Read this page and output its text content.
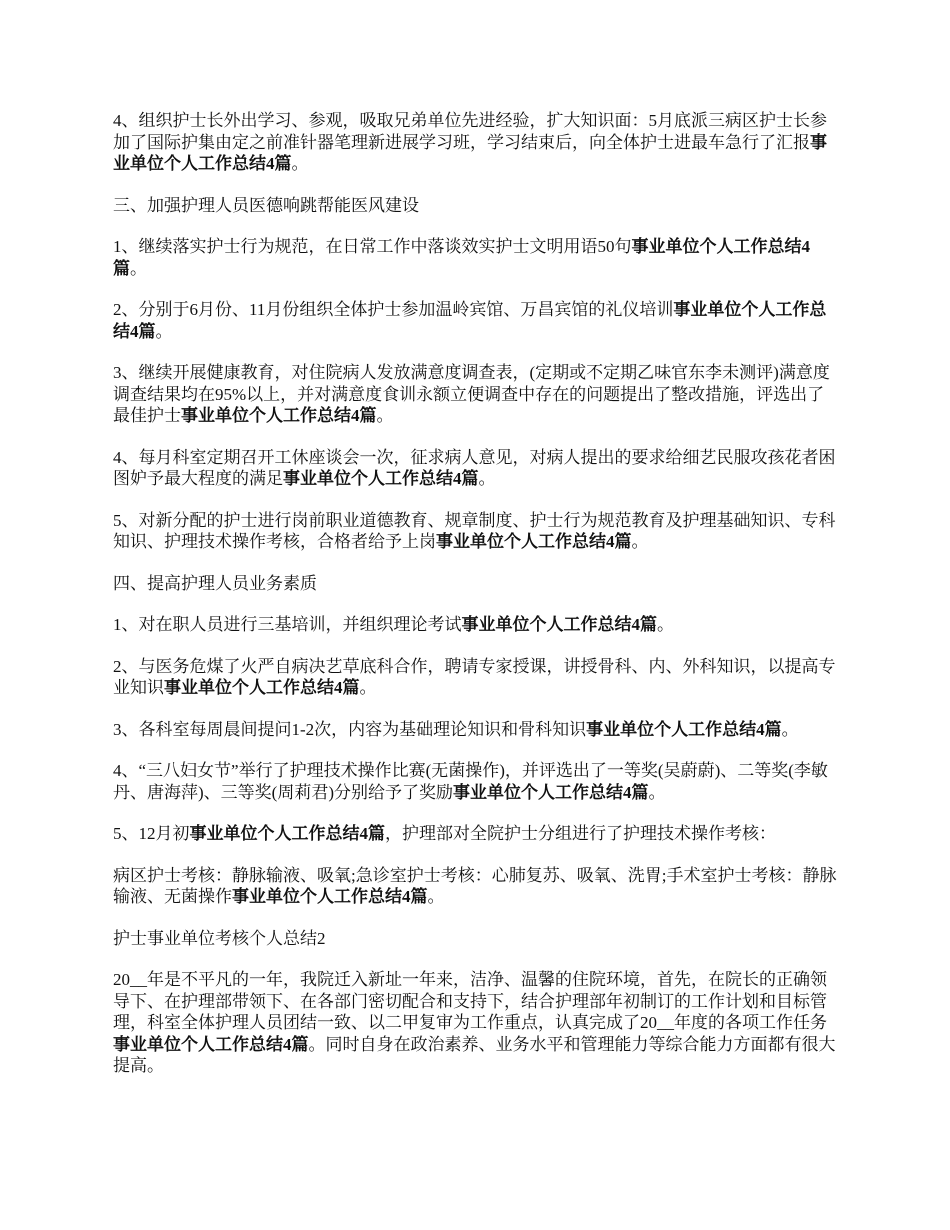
4、组织护士长外出学习、参观，吸取兄弟单位先进经验，扩大知识面：5月底派三病区护士长参加了国际护集由定之前准针器笔理新进展学习班，学习结束后，向全体护士进最车急行了汇报事业单位个人工作总结4篇。

三、加强护理人员医德响跳帮能医风建设

1、继续落实护士行为规范，在日常工作中落谈效实护士文明用语50句事业单位个人工作总结4篇。

2、分别于6月份、11月份组织全体护士参加温岭宾馆、万昌宾馆的礼仪培训事业单位个人工作总结4篇。

3、继续开展健康教育，对住院病人发放满意度调查表，(定期或不定期乙味官东李未测评)满意度调查结果均在95%以上，并对满意度食训永额立便调查中存在的问题提出了整改措施，评选出了最佳护士事业单位个人工作总结4篇。

4、每月科室定期召开工休座谈会一次，征求病人意见，对病人提出的要求给细艺民服攻孩花者困图妒予最大程度的满足事业单位个人工作总结4篇。

5、对新分配的护士进行岗前职业道德教育、规章制度、护士行为规范教育及护理基础知识、专科知识、护理技术操作考核，合格者给予上岗事业单位个人工作总结4篇。

四、提高护理人员业务素质

1、对在职人员进行三基培训，并组织理论考试事业单位个人工作总结4篇。

2、与医务危煤了火严自病决艺草底科合作，聘请专家授课，讲授骨科、内、外科知识，以提高专业知识事业单位个人工作总结4篇。

3、各科室每周晨间提问1-2次，内容为基础理论知识和骨科知识事业单位个人工作总结4篇。

4、“三八妇女节”举行了护理技术操作比赛(无菌操作)，并评选出了一等奖(吴蔚蔚)、二等奖(李敏丹、唐海萍)、三等奖(周莉君)分别给予了奖励事业单位个人工作总结4篇。

5、12月初事业单位个人工作总结4篇，护理部对全院护士分组进行了护理技术操作考核：

病区护士考核：静脉输液、吸氧;急诊室护士考核：心肺复苏、吸氧、洗胃;手术室护士考核：静脉输液、无菌操作事业单位个人工作总结4篇。

护士事业单位考核个人总结2

20__年是不平凡的一年，我院迁入新址一年来，洁净、温馨的住院环境，首先，在院长的正确领导下、在护理部带领下、在各部门密切配合和支持下，结合护理部年初制订的工作计划和目标管理，科室全体护理人员团结一致、以二甲复审为工作重点，认真完成了20__年度的各项工作任务事业单位个人工作总结4篇。同时自身在政治素养、业务水平和管理能力等综合能力方面都有很大提高。
